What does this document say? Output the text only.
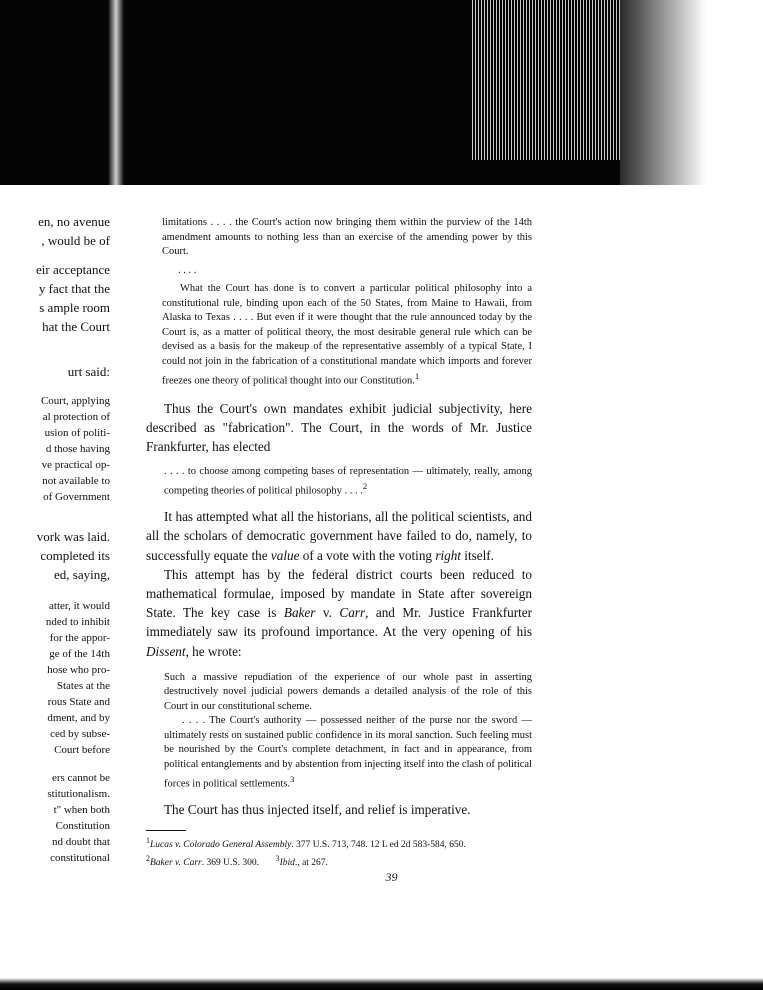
en, no avenue
, would be of
eir acceptance
y fact that the
s ample room
hat the Court
urt said:
Court, applying
al protection of
usion of politi-
d those having
ve practical op-
not available to
of Government
vork was laid.
completed its
ed, saying,
atter, it would
nded to inhibit
for the appor-
ge of the 14th
hose who pro-
States at the
rous State and
dment, and by
ced by subse-
Court before
ers cannot be
stitutionalism.
t" when both
Constitution
nd doubt that
constitutional

limitations . . . . the Court's action now bringing them within the purview of the 14th amendment amounts to nothing less than an exercise of the amending power by this Court.

. . . .

What the Court has done is to convert a particular political philosophy into a constitutional rule, binding upon each of the 50 States, from Maine to Hawaii, from Alaska to Texas . . . . But even if it were thought that the rule announced today by the Court is, as a matter of political theory, the most desirable general rule which can be devised as a basis for the makeup of the representative assembly of a typical State, I could not join in the fabrication of a constitutional mandate which imports and forever freezes one theory of political thought into our Constitution.$^1$

Thus the Court's own mandates exhibit judicial subjectivity, here described as "fabrication". The Court, in the words of Mr. Justice Frankfurter, has elected

. . . . to choose among competing bases of representation — ultimately, really, among competing theories of political philosophy . . . .$^2$

It has attempted what all the historians, all the political scientists, and all the scholars of democratic government have failed to do, namely, to successfully equate the value of a vote with the voting right itself.

This attempt has by the federal district courts been reduced to mathematical formulae, imposed by mandate in State after sovereign State. The key case is Baker v. Carr, and Mr. Justice Frankfurter immediately saw its profound importance. At the very opening of his Dissent, he wrote:

Such a massive repudiation of the experience of our whole past in asserting destructively novel judicial powers demands a detailed analysis of the role of this Court in our constitutional scheme.

. . . . The Court's authority — possessed neither of the purse nor the sword — ultimately rests on sustained public confidence in its moral sanction. Such feeling must be nourished by the Court's complete detachment, in fact and in appearance, from political entanglements and by abstention from injecting itself into the clash of political forces in political settlements.$^3$

The Court has thus injected itself, and relief is imperative.

$^1$Lucas v. Colorado General Assembly. 377 U.S. 713, 748. 12 L ed 2d 583-584, 650.
$^2$Baker v. Carr. 369 U.S. 300. $^3$Ibid., at 267.
39
